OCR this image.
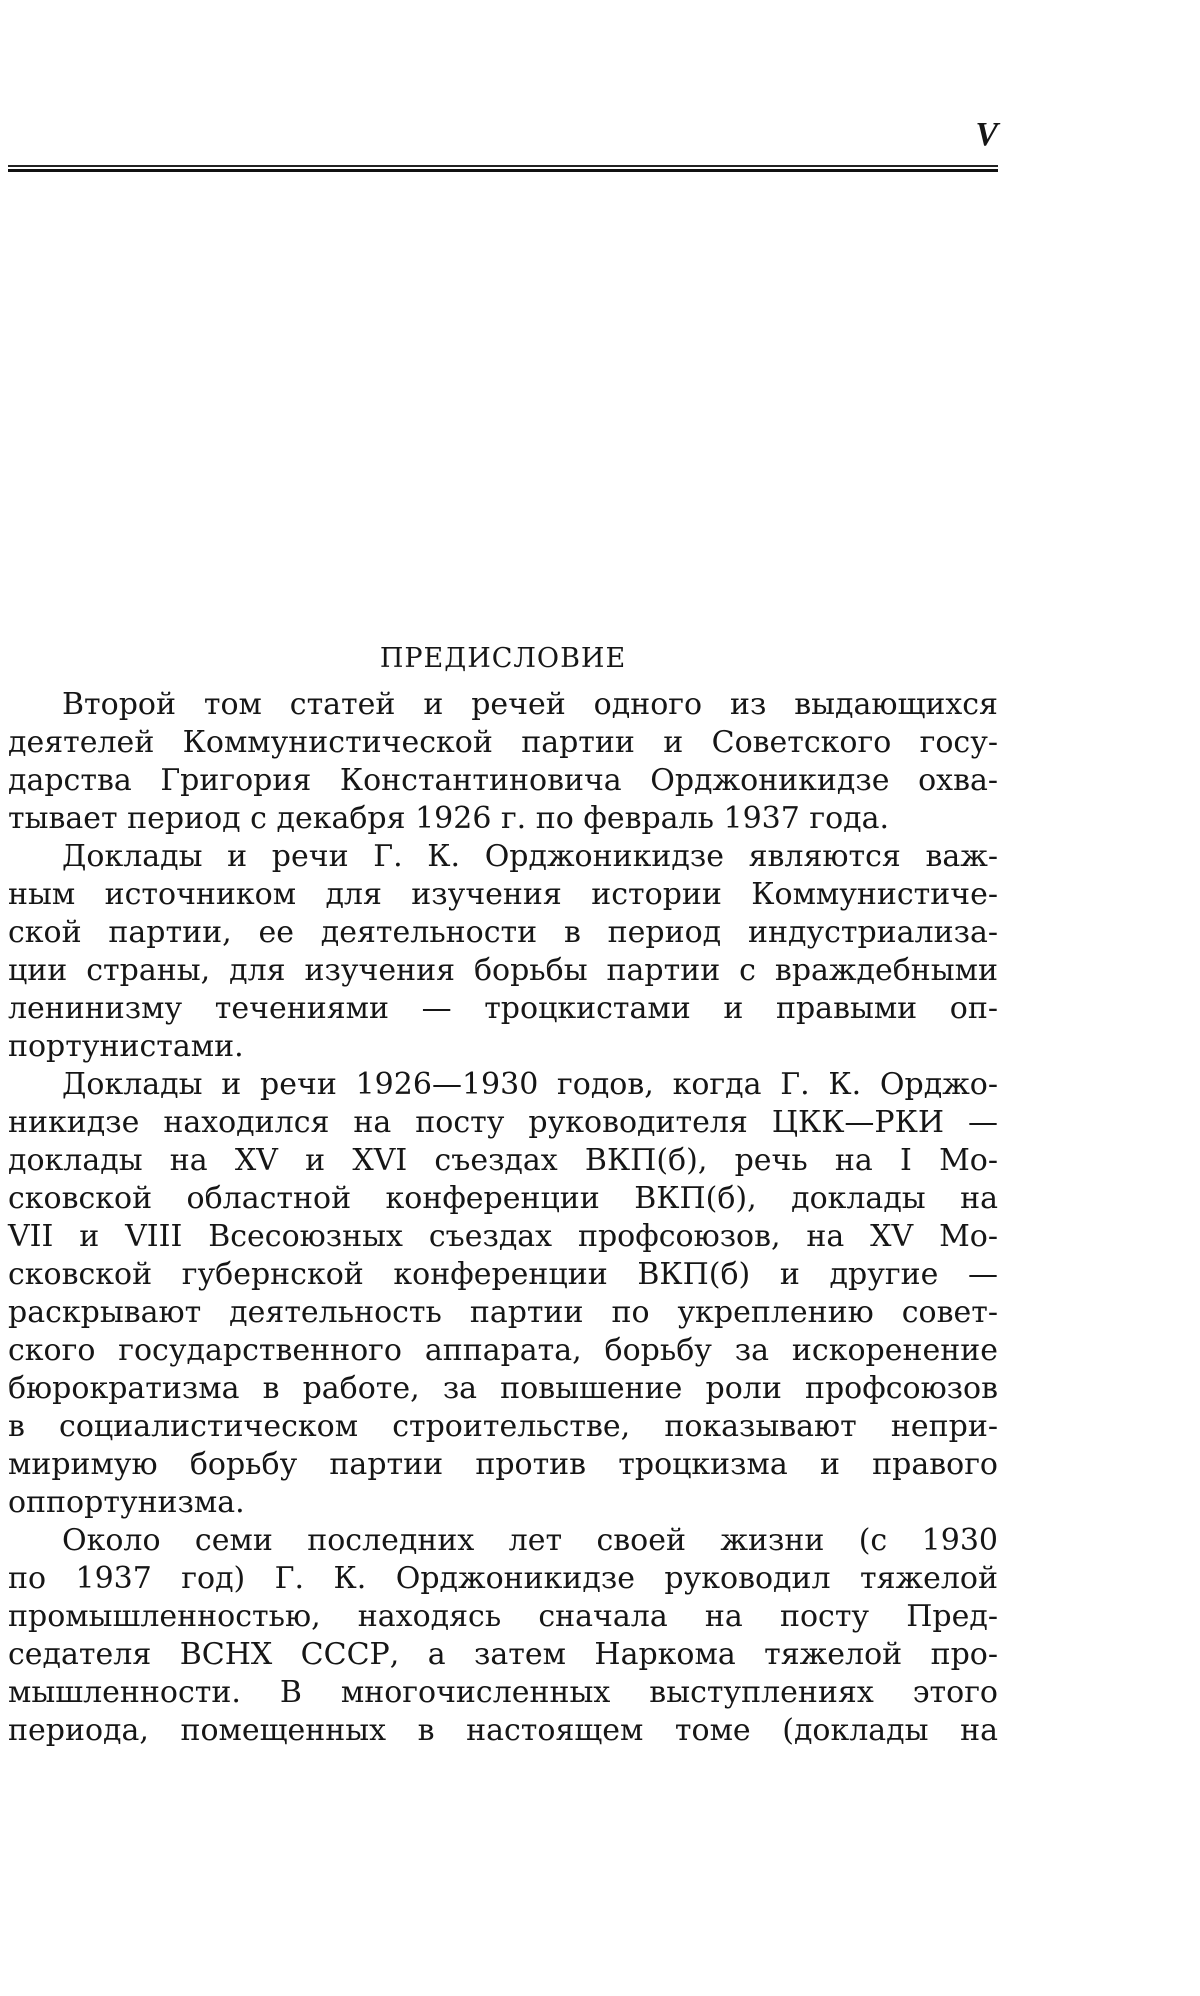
V
ПРЕДИСЛОВИЕ
Второй том статей и речей одного из выдающихся
деятелей Коммунистической партии и Советского госу-
дарства Григория Константиновича Орджоникидзе охва-
тывает период с декабря 1926 г. по февраль 1937 года.
Доклады и речи Г. К. Орджоникидзе являются важ-
ным источником для изучения истории Коммунистиче-
ской партии, ее деятельности в период индустриализа-
ции страны, для изучения борьбы партии с враждебными
ленинизму течениями — троцкистами и правыми оп-
портунистами.
Доклады и речи 1926—1930 годов, когда Г. К. Орджо-
никидзе находился на посту руководителя ЦКК—РКИ —
доклады на XV и XVI съездах ВКП(б), речь на I Мо-
сковской областной конференции ВКП(б), доклады на
VII и VIII Всесоюзных съездах профсоюзов, на XV Мо-
сковской губернской конференции ВКП(б) и другие —
раскрывают деятельность партии по укреплению совет-
ского государственного аппарата, борьбу за искоренение
бюрократизма в работе, за повышение роли профсоюзов
в социалистическом строительстве, показывают непри-
миримую борьбу партии против троцкизма и правого
оппортунизма.
Около семи последних лет своей жизни (с 1930
по 1937 год) Г. К. Орджоникидзе руководил тяжелой
промышленностью, находясь сначала на посту Пред-
седателя ВСНХ СССР, а затем Наркома тяжелой про-
мышленности. В многочисленных выступлениях этого
периода, помещенных в настоящем томе (доклады на
